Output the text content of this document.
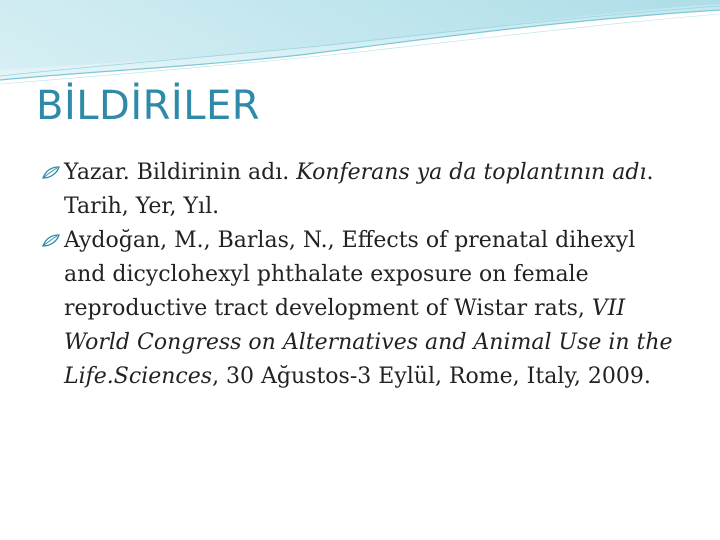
BİLDİRİLER
Yazar. Bildirinin adı. Konferans ya da toplantının adı. Tarih, Yer, Yıl.
Aydoğan, M., Barlas, N., Effects of prenatal dihexyl and dicyclohexyl phthalate exposure on female reproductive tract development of Wistar rats, VII World Congress on Alternatives and Animal Use in the Life.Sciences, 30 Ağustos-3 Eylül, Rome, Italy, 2009.
